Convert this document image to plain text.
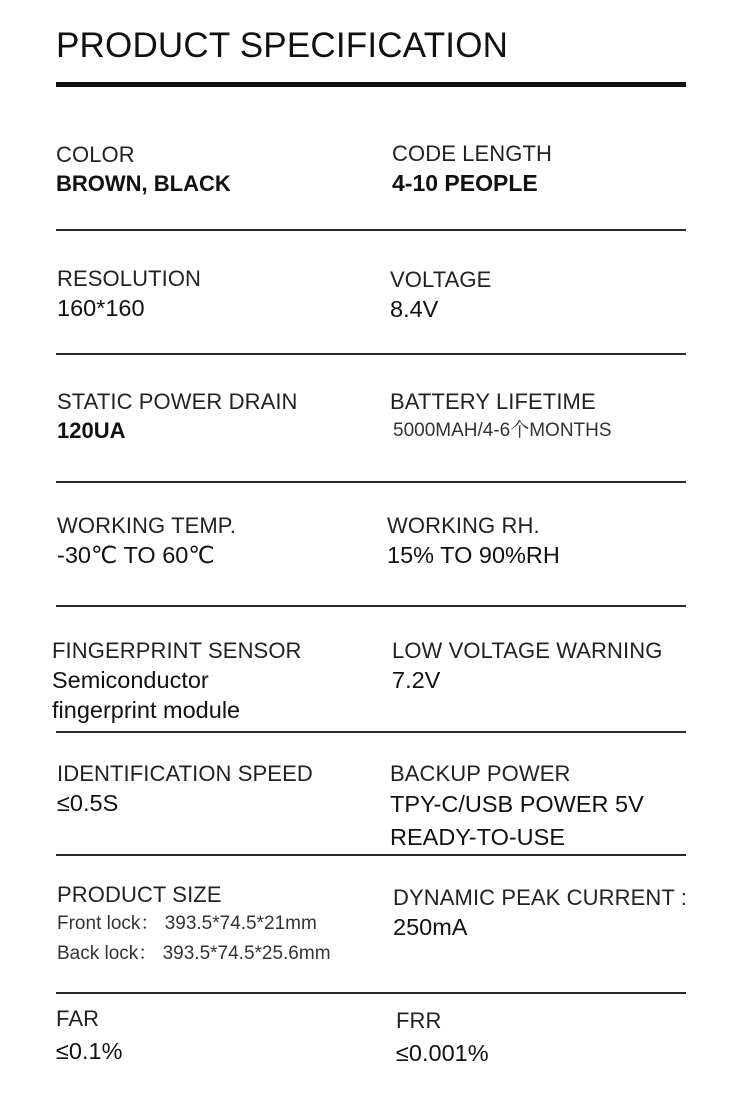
PRODUCT SPECIFICATION
COLOR
BROWN, BLACK
CODE LENGTH
4-10 PEOPLE
RESOLUTION
160*160
VOLTAGE
8.4V
STATIC POWER DRAIN
120UA
BATTERY LIFETIME
5000MAH/4-6个MONTHS
WORKING TEMP.
-30℃ TO 60℃
WORKING RH.
15% TO 90%RH
FINGERPRINT SENSOR
Semiconductor
fingerprint module
LOW VOLTAGE WARNING
7.2V
IDENTIFICATION SPEED
≤0.5S
BACKUP POWER
TPY-C/USB POWER 5V
READY-TO-USE
PRODUCT SIZE
Front lock： 393.5*74.5*21mm
Back lock： 393.5*74.5*25.6mm
DYNAMIC PEAK CURRENT :
250mA
FAR
≤0.1%
FRR
≤0.001%
